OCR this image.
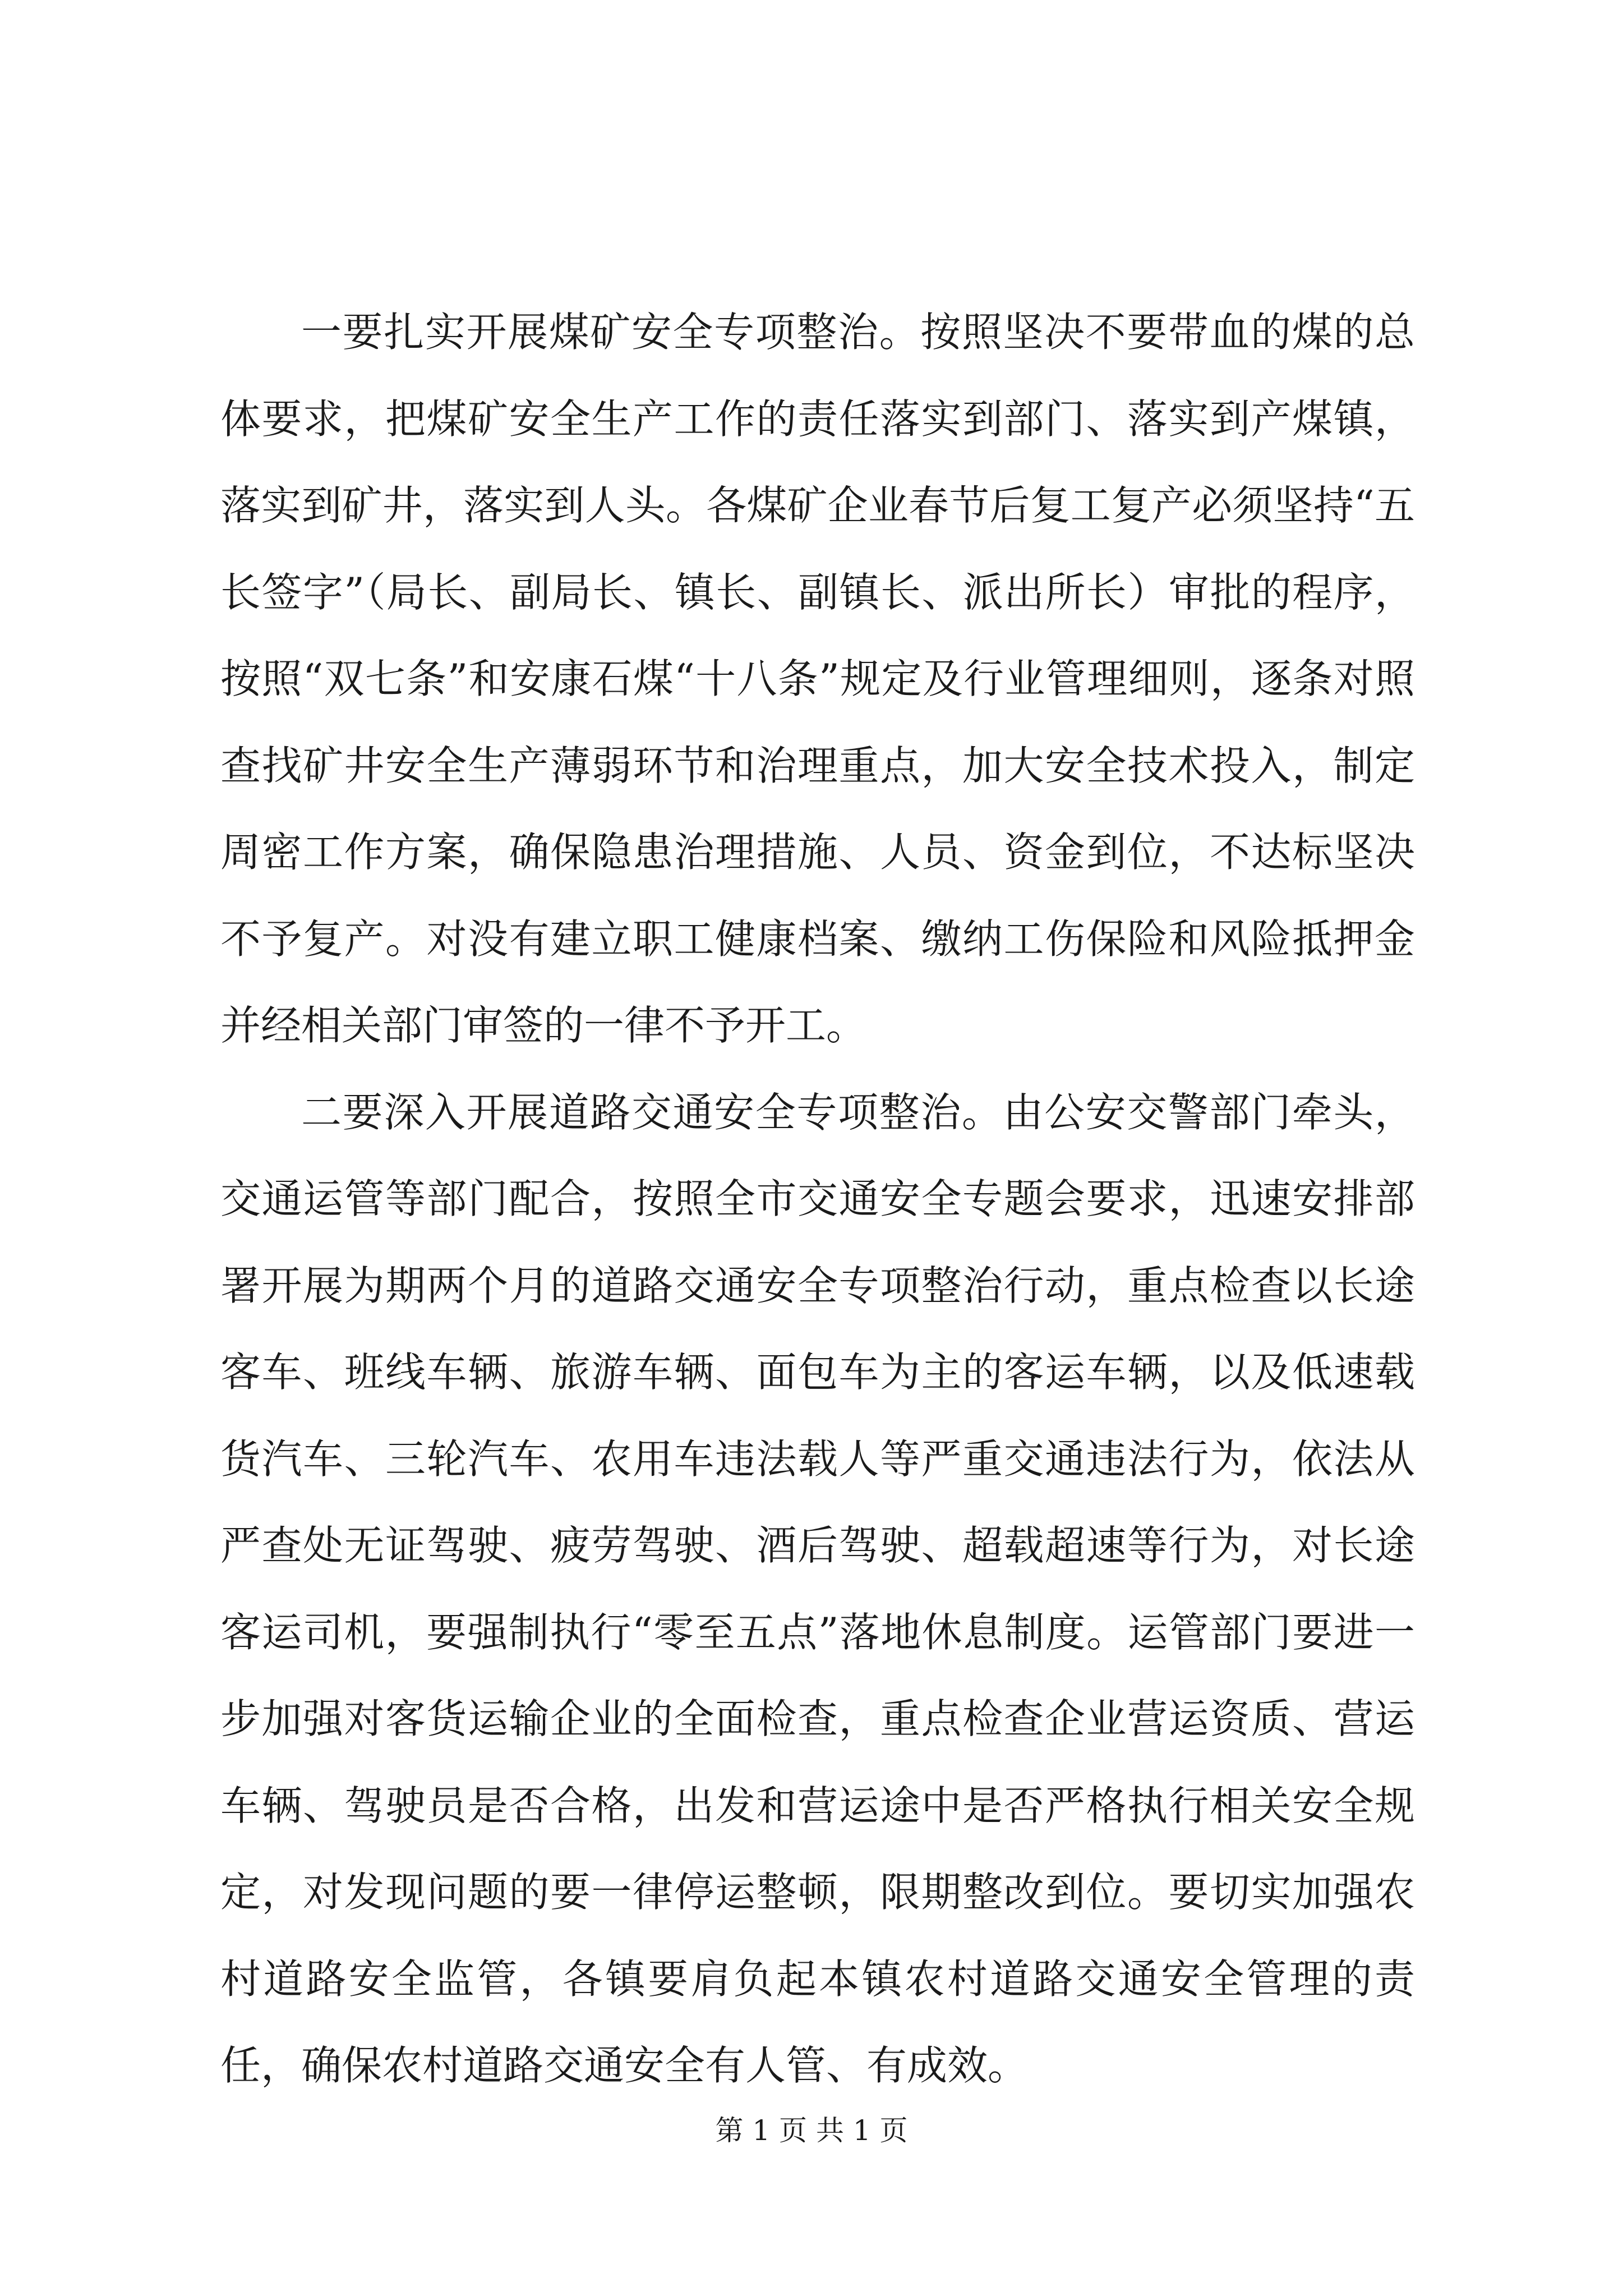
一要扎实开展煤矿安全专项整治。按照坚决不要带血的煤的总体要求，把煤矿安全生产工作的责任落实到部门、落实到产煤镇，落实到矿井，落实到人头。各煤矿企业春节后复工复产必须坚持“五长签字”（局长、副局长、镇长、副镇长、派出所长）审批的程序，按照“双七条”和安康石煤“十八条”规定及行业管理细则，逐条对照查找矿井安全生产薄弱环节和治理重点，加大安全技术投入，制定周密工作方案，确保隐患治理措施、人员、资金到位，不达标坚决不予复产。对没有建立职工健康档案、缴纳工伤保险和风险抵押金并经相关部门审签的一律不予开工。

二要深入开展道路交通安全专项整治。由公安交警部门牵头，交通运管等部门配合，按照全市交通安全专题会要求，迅速安排部署开展为期两个月的道路交通安全专项整治行动，重点检查以长途客车、班线车辆、旅游车辆、面包车为主的客运车辆，以及低速载货汽车、三轮汽车、农用车违法载人等严重交通违法行为，依法从严查处无证驾驶、疲劳驾驶、酒后驾驶、超载超速等行为，对长途客运司机，要强制执行“零至五点”落地休息制度。运管部门要进一步加强对客货运输企业的全面检查，重点检查企业营运资质、营运车辆、驾驶员是否合格，出发和营运途中是否严格执行相关安全规定，对发现问题的要一律停运整顿，限期整改到位。要切实加强农村道路安全监管，各镇要肩负起本镇农村道路交通安全管理的责任，确保农村道路交通安全有人管、有成效。

第 1 页 共 1 页
